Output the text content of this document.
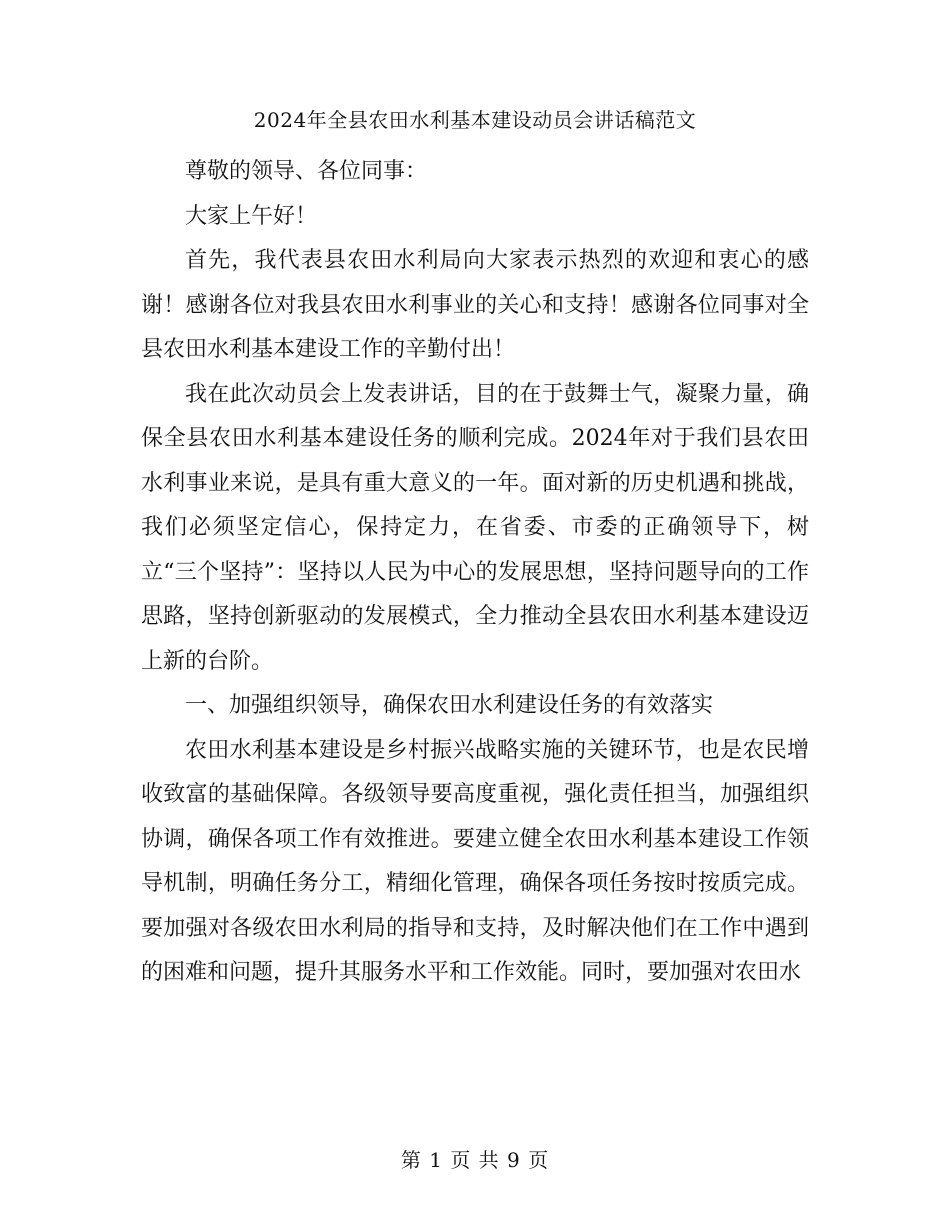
2024年全县农田水利基本建设动员会讲话稿范文

尊敬的领导、各位同事：

大家上午好！

首先，我代表县农田水利局向大家表示热烈的欢迎和衷心的感谢！感谢各位对我县农田水利事业的关心和支持！感谢各位同事对全县农田水利基本建设工作的辛勤付出！

我在此次动员会上发表讲话，目的在于鼓舞士气，凝聚力量，确保全县农田水利基本建设任务的顺利完成。2024年对于我们县农田水利事业来说，是具有重大意义的一年。面对新的历史机遇和挑战，我们必须坚定信心，保持定力，在省委、市委的正确领导下，树立“三个坚持”：坚持以人民为中心的发展思想，坚持问题导向的工作思路，坚持创新驱动的发展模式，全力推动全县农田水利基本建设迈上新的台阶。

一、加强组织领导，确保农田水利建设任务的有效落实

农田水利基本建设是乡村振兴战略实施的关键环节，也是农民增收致富的基础保障。各级领导要高度重视，强化责任担当，加强组织协调，确保各项工作有效推进。要建立健全农田水利基本建设工作领导机制，明确任务分工，精细化管理，确保各项任务按时按质完成。要加强对各级农田水利局的指导和支持，及时解决他们在工作中遇到的困难和问题，提升其服务水平和工作效能。同时，要加强对农田水

第 1 页 共 9 页
